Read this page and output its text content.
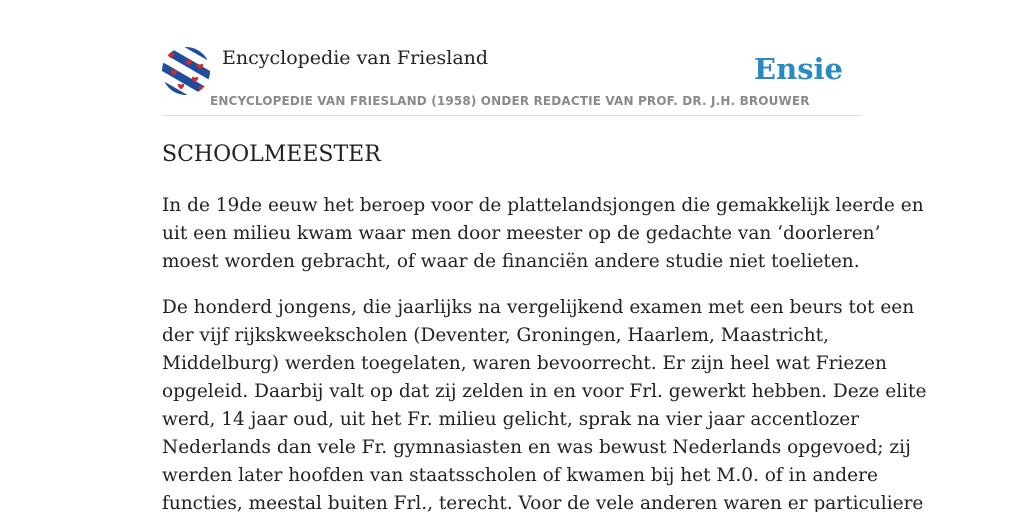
Encyclopedie van Friesland	Ensie
ENCYCLOPEDIE VAN FRIESLAND (1958) ONDER REDACTIE VAN PROF. DR. J.H. BROUWER
SCHOOLMEESTER

In de 19de eeuw het beroep voor de plattelandsjongen die gemakkelijk leerde en
uit een milieu kwam waar men door meester op de gedachte van ‘doorleren’
moest worden gebracht, of waar de financiën andere studie niet toelieten.

De honderd jongens, die jaarlijks na vergelijkend examen met een beurs tot een
der vijf rijkskweekscholen (Deventer, Groningen, Haarlem, Maastricht,
Middelburg) werden toegelaten, waren bevoorrecht. Er zijn heel wat Friezen
opgeleid. Daarbij valt op dat zij zelden in en voor Frl. gewerkt hebben. Deze elite
werd, 14 jaar oud, uit het Fr. milieu gelicht, sprak na vier jaar accentlozer
Nederlands dan vele Fr. gymnasiasten en was bewust Nederlands opgevoed; zij
werden later hoofden van staatsscholen of kwamen bij het M.0. of in andere
functies, meestal buiten Frl., terecht. Voor de vele anderen waren er particuliere
